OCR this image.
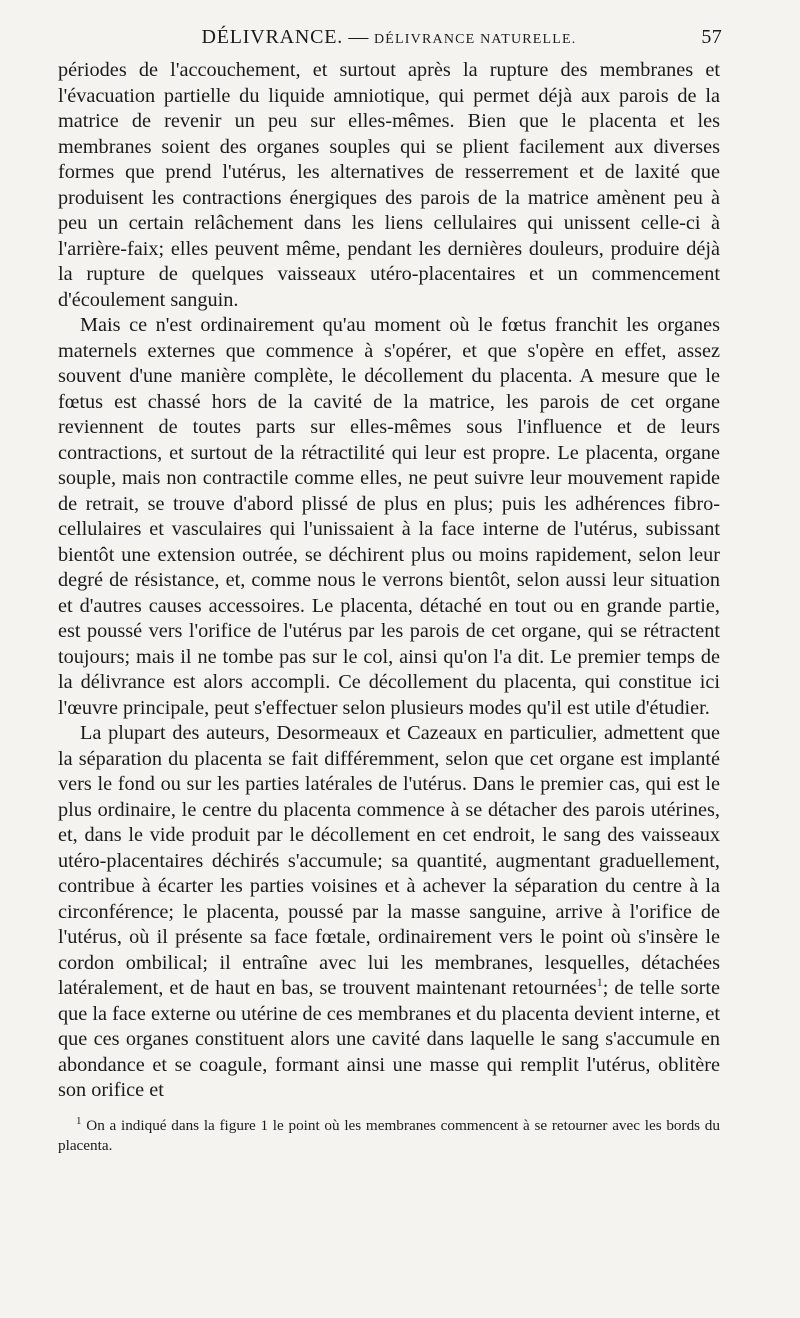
DÉLIVRANCE. — DÉLIVRANCE NATURELLE.	57

périodes de l'accouchement, et surtout après la rupture des membranes et l'évacuation partielle du liquide amniotique, qui permet déjà aux parois de la matrice de revenir un peu sur elles-mêmes. Bien que le placenta et les membranes soient des organes souples qui se plient facilement aux diverses formes que prend l'utérus, les alternatives de resserrement et de laxité que produisent les contractions énergiques des parois de la matrice amènent peu à peu un certain relâchement dans les liens cellulaires qui unissent celle-ci à l'arrière-faix; elles peuvent même, pendant les dernières douleurs, produire déjà la rupture de quelques vaisseaux utéro-placentaires et un commencement d'écoulement sanguin.

Mais ce n'est ordinairement qu'au moment où le fœtus franchit les organes maternels externes que commence à s'opérer, et que s'opère en effet, assez souvent d'une manière complète, le décollement du placenta. A mesure que le fœtus est chassé hors de la cavité de la matrice, les parois de cet organe reviennent de toutes parts sur elles-mêmes sous l'influence et de leurs contractions, et surtout de la rétractilité qui leur est propre. Le placenta, organe souple, mais non contractile comme elles, ne peut suivre leur mouvement rapide de retrait, se trouve d'abord plissé de plus en plus; puis les adhérences fibro-cellulaires et vasculaires qui l'unissaient à la face interne de l'utérus, subissant bientôt une extension outrée, se déchirent plus ou moins rapidement, selon leur degré de résistance, et, comme nous le verrons bientôt, selon aussi leur situation et d'autres causes accessoires. Le placenta, détaché en tout ou en grande partie, est poussé vers l'orifice de l'utérus par les parois de cet organe, qui se rétractent toujours; mais il ne tombe pas sur le col, ainsi qu'on l'a dit. Le premier temps de la délivrance est alors accompli. Ce décollement du placenta, qui constitue ici l'œuvre principale, peut s'effectuer selon plusieurs modes qu'il est utile d'étudier.

La plupart des auteurs, Desormeaux et Cazeaux en particulier, admettent que la séparation du placenta se fait différemment, selon que cet organe est implanté vers le fond ou sur les parties latérales de l'utérus. Dans le premier cas, qui est le plus ordinaire, le centre du placenta commence à se détacher des parois utérines, et, dans le vide produit par le décollement en cet endroit, le sang des vaisseaux utéro-placentaires déchirés s'accumule; sa quantité, augmentant graduellement, contribue à écarter les parties voisines et à achever la séparation du centre à la circonférence; le placenta, poussé par la masse sanguine, arrive à l'orifice de l'utérus, où il présente sa face fœtale, ordinairement vers le point où s'insère le cordon ombilical; il entraîne avec lui les membranes, lesquelles, détachées latéralement, et de haut en bas, se trouvent maintenant retournées$^1$; de telle sorte que la face externe ou utérine de ces membranes et du placenta devient interne, et que ces organes constituent alors une cavité dans laquelle le sang s'accumule en abondance et se coagule, formant ainsi une masse qui remplit l'utérus, oblitère son orifice et

$^1$ On a indiqué dans la figure 1 le point où les membranes commencent à se retourner avec les bords du placenta.
